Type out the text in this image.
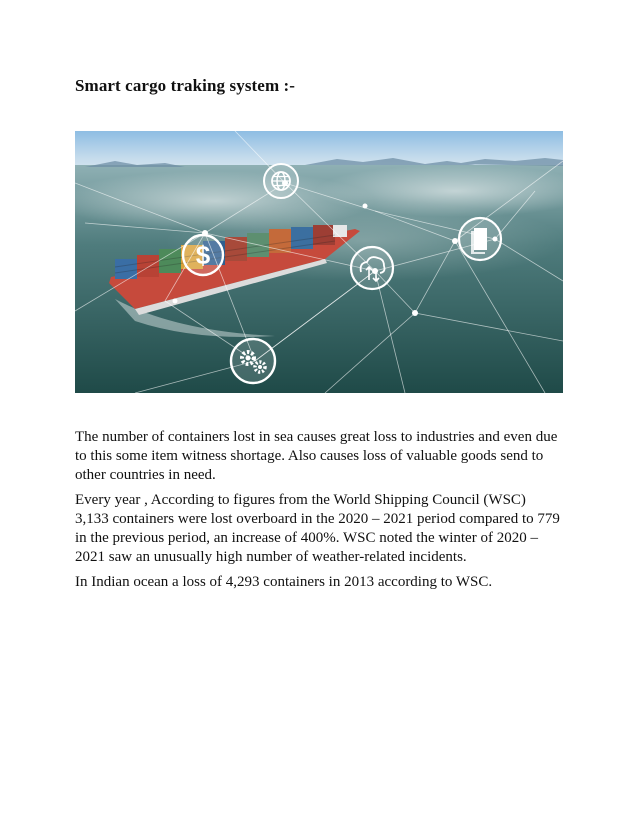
Smart cargo traking system :-
$

The number of containers lost in sea causes great loss to industries and even due to this some item witness shortage. Also causes loss of valuable goods send to other countries in need.

Every year , According to figures from the World Shipping Council (WSC) 3,133 containers were lost overboard in the 2020 – 2021 period compared to 779 in the previous period, an increase of 400%. WSC noted the winter of 2020 – 2021 saw an unusually high number of weather-related incidents.

In Indian ocean a loss of 4,293 containers in 2013 according to WSC.
